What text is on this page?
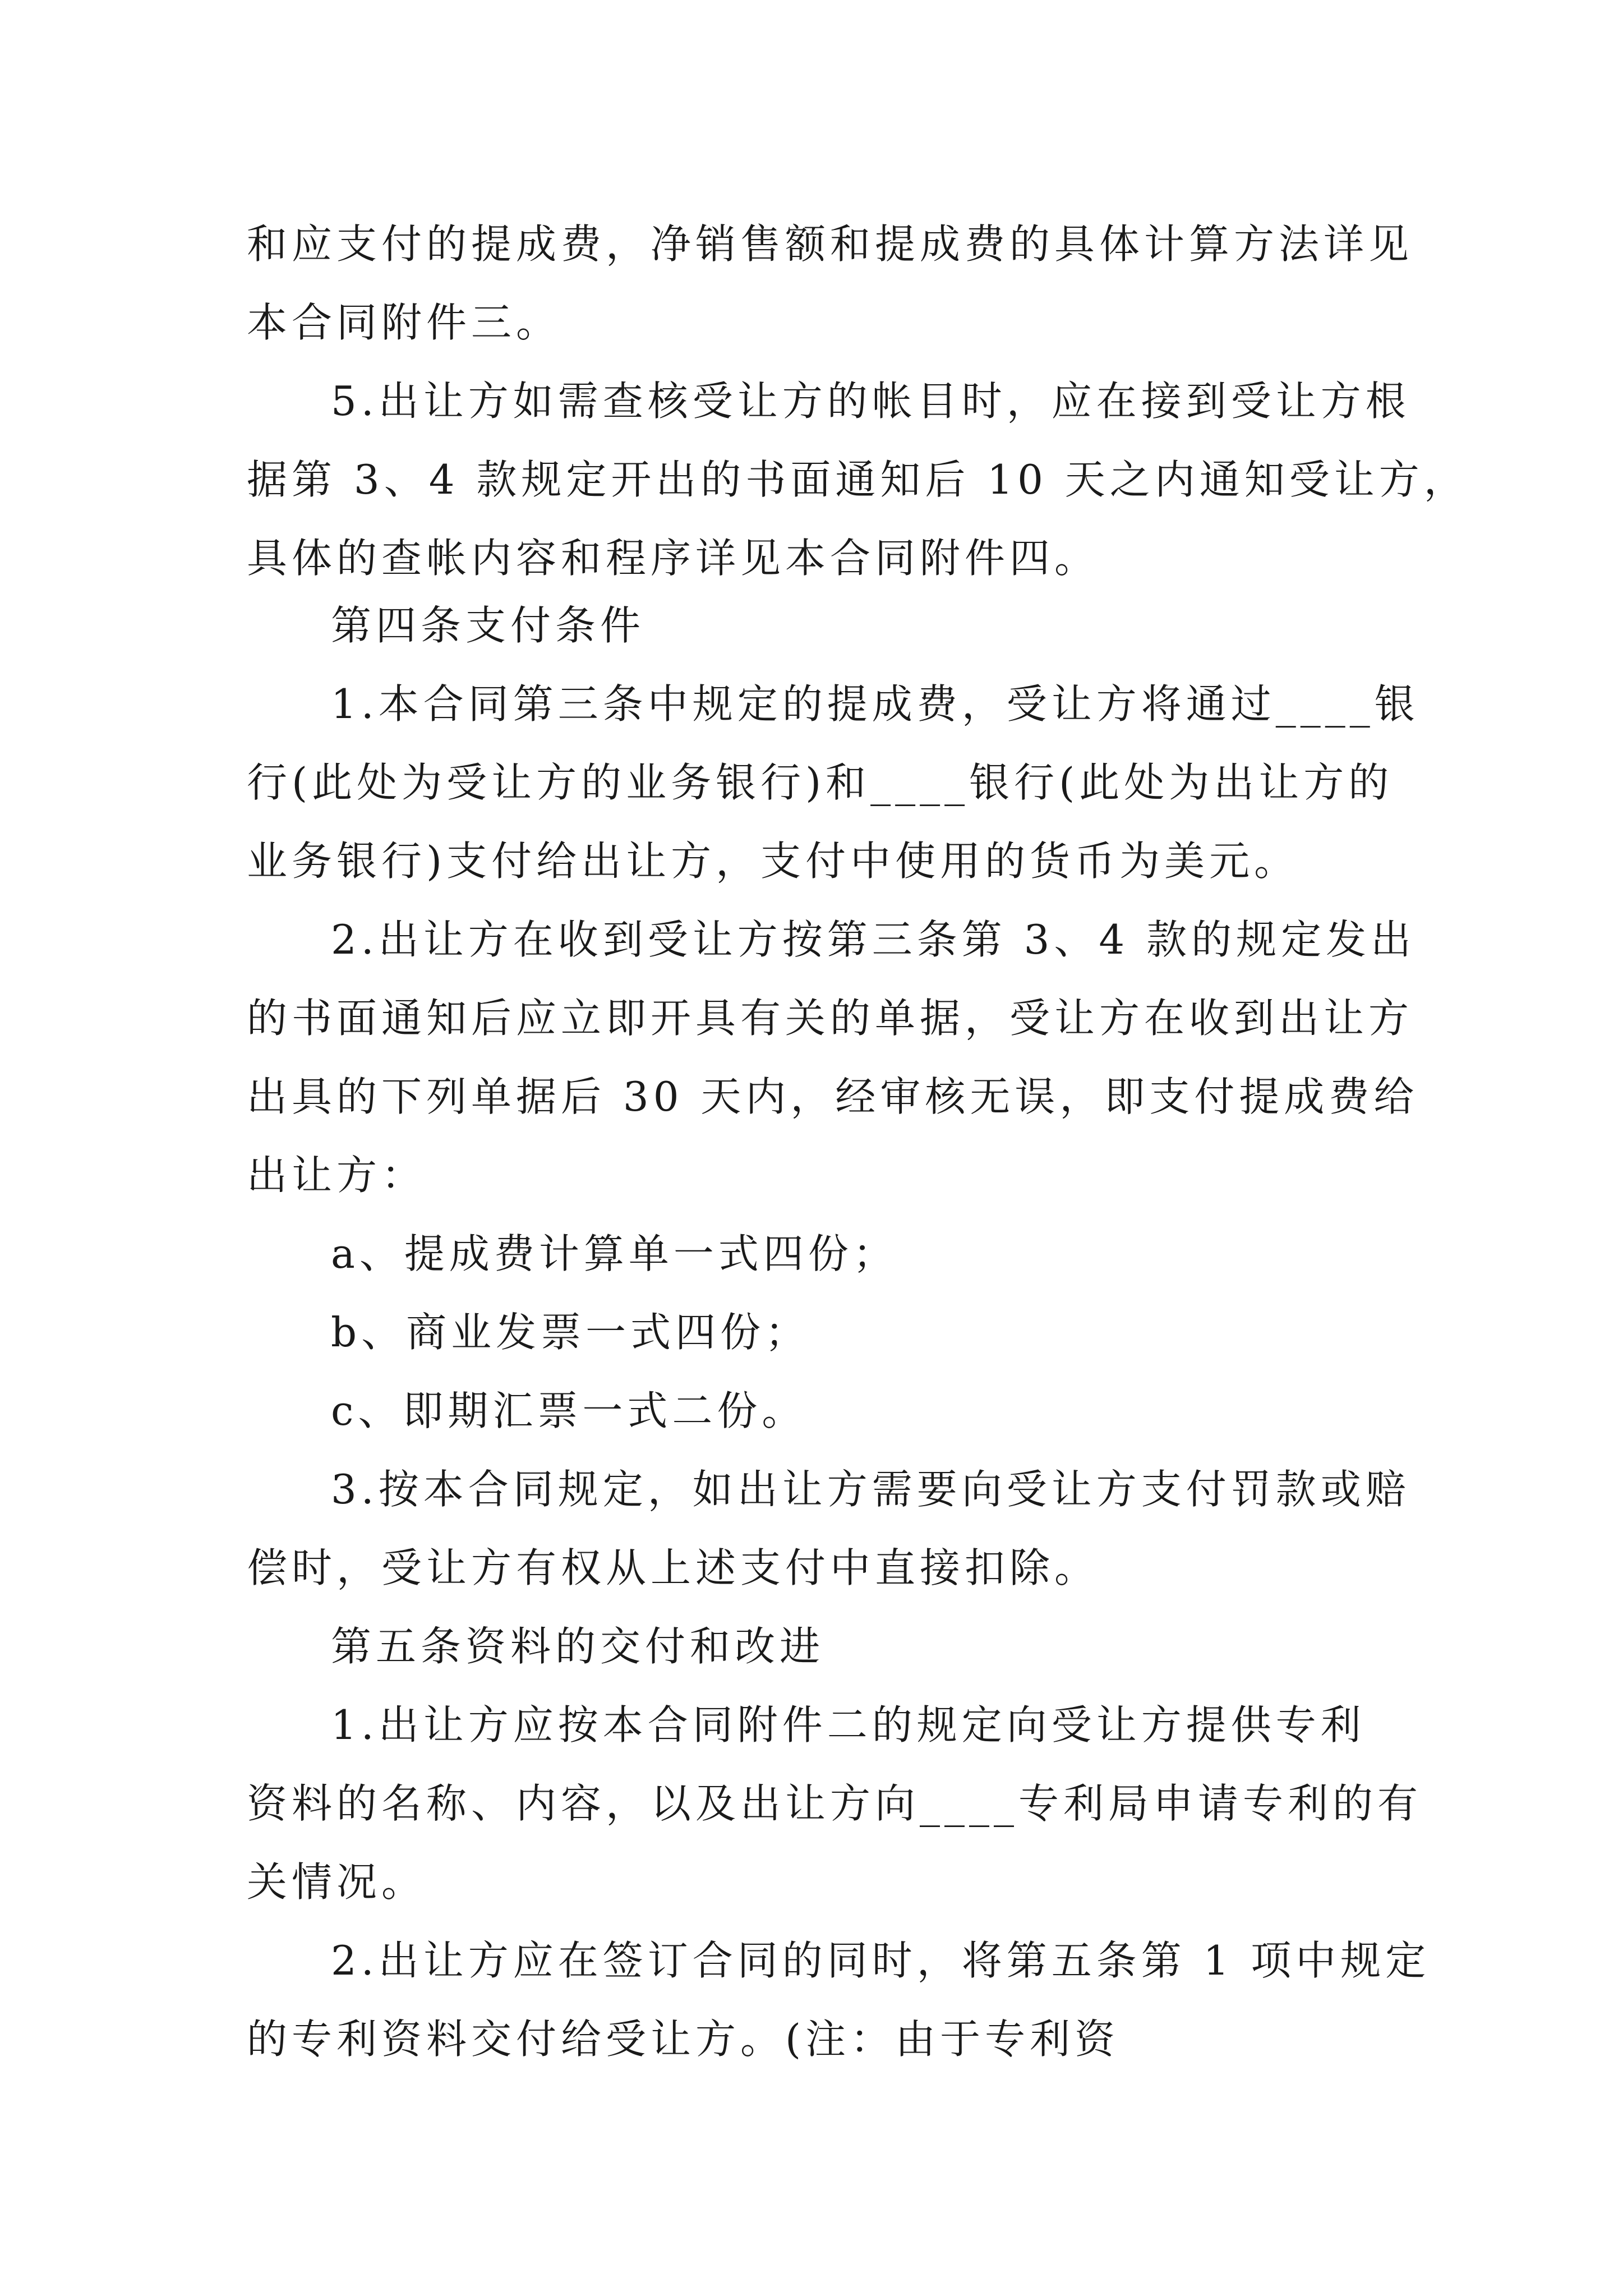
和应支付的提成费，净销售额和提成费的具体计算方法详见
本合同附件三。
5.出让方如需查核受让方的帐目时，应在接到受让方根
据第 3、4 款规定开出的书面通知后 10 天之内通知受让方，
具体的查帐内容和程序详见本合同附件四。
第四条支付条件
1.本合同第三条中规定的提成费，受让方将通过____银
行(此处为受让方的业务银行)和____银行(此处为出让方的
业务银行)支付给出让方，支付中使用的货币为美元。
2.出让方在收到受让方按第三条第 3、4 款的规定发出
的书面通知后应立即开具有关的单据，受让方在收到出让方
出具的下列单据后 30 天内，经审核无误，即支付提成费给
出让方：
a、提成费计算单一式四份；
b、商业发票一式四份；
c、即期汇票一式二份。
3.按本合同规定，如出让方需要向受让方支付罚款或赔
偿时，受让方有权从上述支付中直接扣除。
第五条资料的交付和改进
1.出让方应按本合同附件二的规定向受让方提供专利
资料的名称、内容，以及出让方向____专利局申请专利的有
关情况。
2.出让方应在签订合同的同时，将第五条第 1 项中规定
的专利资料交付给受让方。(注：由于专利资
